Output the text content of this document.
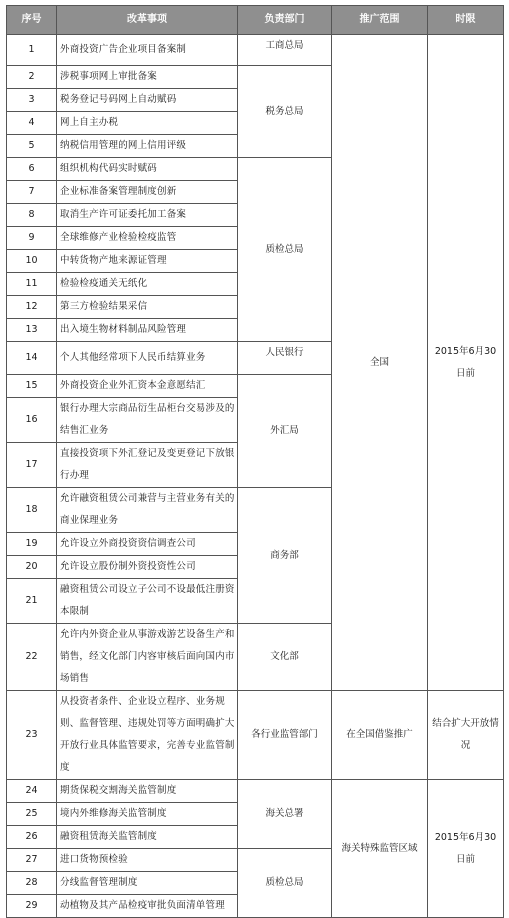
序号	改革事项	负责部门	推广范围	时限
1	外商投资广告企业项目备案制	工商总局	全国	2015年6月30日前
2	涉税事项网上审批备案	税务总局		
3	税务登记号码网上自动赋码			
4	网上自主办税			
5	纳税信用管理的网上信用评级			
6	组织机构代码实时赋码	质检总局		
7	企业标准备案管理制度创新			
8	取消生产许可证委托加工备案			
9	全球维修产业检验检疫监管			
10	中转货物产地来源证管理			
11	检验检疫通关无纸化			
12	第三方检验结果采信			
13	出入境生物材料制品风险管理			
14	个人其他经常项下人民币结算业务	人民银行		
15	外商投资企业外汇资本金意愿结汇	外汇局		
16	银行办理大宗商品衍生品柜台交易涉及的结售汇业务			
17	直接投资项下外汇登记及变更登记下放银行办理			
18	允许融资租赁公司兼营与主营业务有关的商业保理业务	商务部		
19	允许设立外商投资资信调查公司			
20	允许设立股份制外资投资性公司			
21	融资租赁公司设立子公司不设最低注册资本限制			
22	允许内外资企业从事游戏游艺设备生产和销售，经文化部门内容审核后面向国内市场销售	文化部		
23	从投资者条件、企业设立程序、业务规则、监督管理、违规处罚等方面明确扩大开放行业具体监管要求，完善专业监管制度	各行业监管部门	在全国借鉴推广	结合扩大开放情况
24	期货保税交割海关监管制度	海关总署	海关特殊监管区域	2015年6月30日前
25	境内外维修海关监管制度			
26	融资租赁海关监管制度			
27	进口货物预检验	质检总局		
28	分线监督管理制度			
29	动植物及其产品检疫审批负面清单管理			
